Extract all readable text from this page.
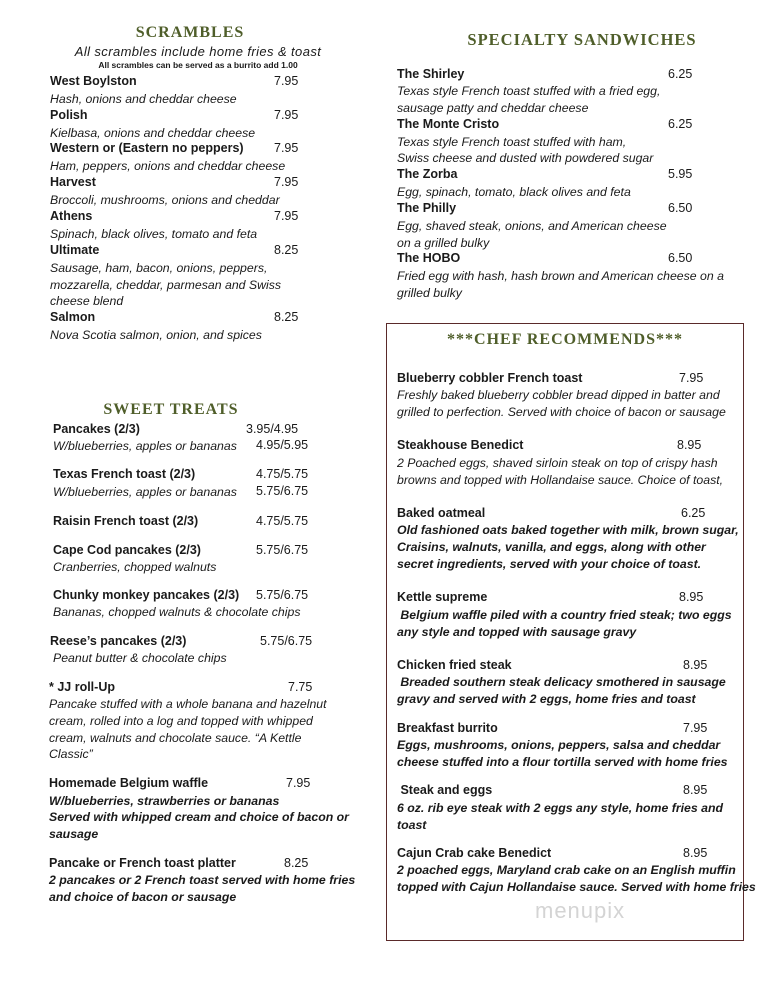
SCRAMBLES
All scrambles include home fries & toast
All scrambles can be served as a burrito add 1.00
West Boylston	7.95
Hash, onions and cheddar cheese
Polish	7.95
Kielbasa, onions and cheddar cheese
Western or (Eastern no peppers) 7.95
Ham, peppers, onions and cheddar cheese
Harvest	7.95
Broccoli, mushrooms, onions and cheddar
Athens	7.95
Spinach, black olives, tomato and feta
Ultimate	8.25
Sausage, ham, bacon, onions, peppers,
mozzarella, cheddar, parmesan and Swiss
cheese blend
Salmon	8.25
Nova Scotia salmon, onion, and spices
SWEET TREATS
Pancakes (2/3)	3.95/4.95
W/blueberries, apples or bananas 4.95/5.95
Texas French toast (2/3)	4.75/5.75
W/blueberries, apples or bananas 5.75/6.75
Raisin French toast (2/3)	4.75/5.75
Cape Cod pancakes (2/3)	5.75/6.75
Cranberries, chopped walnuts
Chunky monkey pancakes (2/3) 5.75/6.75
Bananas, chopped walnuts & chocolate chips
Reese’s pancakes (2/3)	5.75/6.75
Peanut butter & chocolate chips
* JJ roll-Up	7.75
Pancake stuffed with a whole banana and hazelnut
cream, rolled into a log and topped with whipped
cream, walnuts and chocolate sauce. “A Kettle
Classic”
Homemade Belgium waffle	7.95
W/blueberries, strawberries or bananas
Served with whipped cream and choice of bacon or
sausage
Pancake or French toast platter	8.25
2 pancakes or 2 French toast served with home fries
and choice of bacon or sausage
SPECIALTY SANDWICHES
The Shirley	6.25
Texas style French toast stuffed with a fried egg,
sausage patty and cheddar cheese
The Monte Cristo	6.25
Texas style French toast stuffed with ham,
Swiss cheese and dusted with powdered sugar
The Zorba	5.95
Egg, spinach, tomato, black olives and feta
The Philly	6.50
Egg, shaved steak, onions, and American cheese
on a grilled bulky
The HOBO	6.50
Fried egg with hash, hash brown and American cheese on a
grilled bulky
***CHEF RECOMMENDS***
Blueberry cobbler French toast	7.95
Freshly baked blueberry cobbler bread dipped in batter and
grilled to perfection. Served with choice of bacon or sausage
Steakhouse Benedict	8.95
2 Poached eggs, shaved sirloin steak on top of crispy hash
browns and topped with Hollandaise sauce. Choice of toast,
Baked oatmeal	6.25
Old fashioned oats baked together with milk, brown sugar,
Craisins, walnuts, vanilla, and eggs, along with other
secret ingredients, served with your choice of toast.
Kettle supreme	8.95
Belgium waffle piled with a country fried steak; two eggs
any style and topped with sausage gravy
Chicken fried steak	8.95
Breaded southern steak delicacy smothered in sausage
gravy and served with 2 eggs, home fries and toast
Breakfast burrito	7.95
Eggs, mushrooms, onions, peppers, salsa and cheddar
cheese stuffed into a flour tortilla served with home fries
Steak and eggs	8.95
6 oz. rib eye steak with 2 eggs any style, home fries and
toast
Cajun Crab cake Benedict	8.95
2 poached eggs, Maryland crab cake on an English muffin
topped with Cajun Hollandaise sauce. Served with home fries
menupix
